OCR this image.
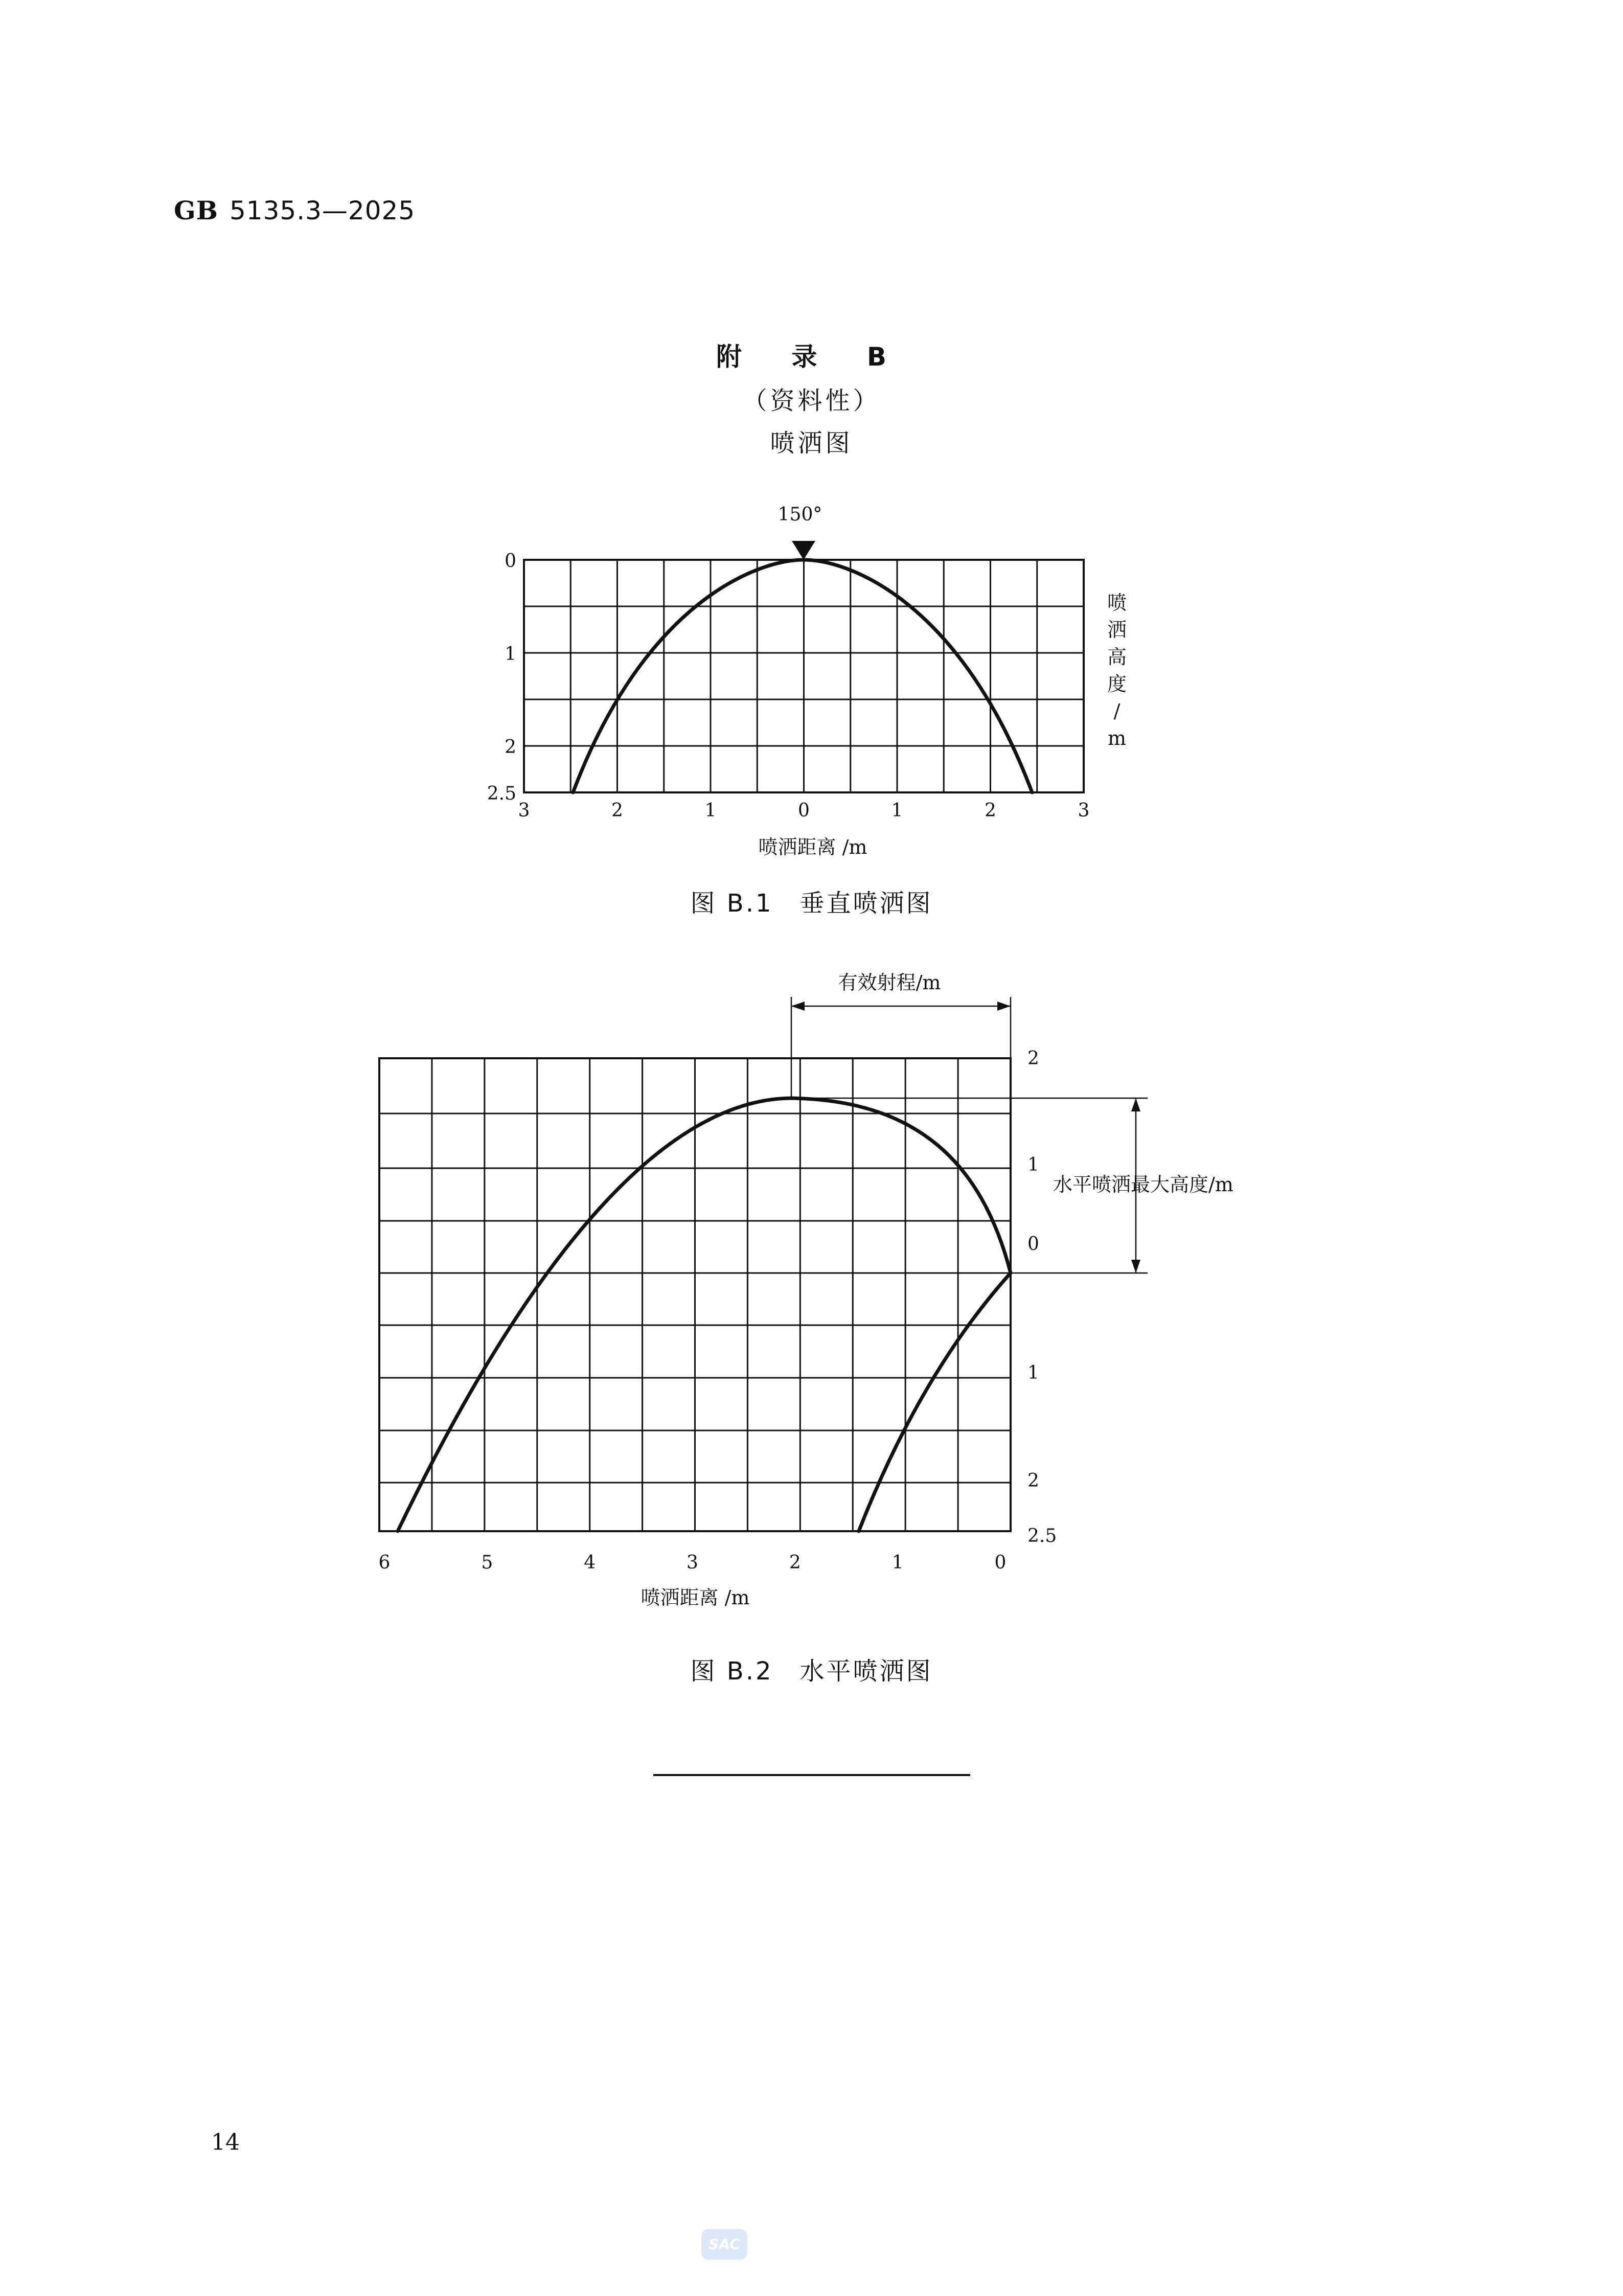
GB 5135.3—2025
附 录 B
（资料性）
喷洒图
150°
3	2	1	0	1	2	3
0
1
2
2.5
喷
洒
高
度
/
m
喷洒距离 /m
图 B.1　垂直喷洒图
有效射程/m
水平喷洒最大高度/m
6	5	4	3	2	1	0
2
1
0
1
2
2.5
喷洒距离 /m
图 B.2　水平喷洒图
14
SAC
